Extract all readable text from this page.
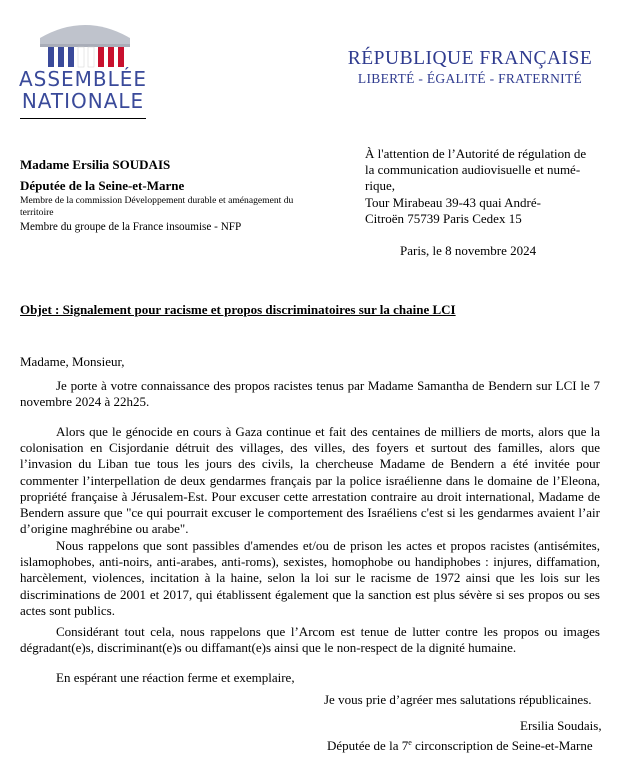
ASSEMBLÉE
NATIONALE
RÉPUBLIQUE FRANÇAISE
LIBERTÉ - ÉGALITÉ - FRATERNITÉ
Madame Ersilia SOUDAIS
Députée de la Seine-et-Marne
Membre de la commission Développement durable et aménagement du territoire
Membre du groupe de la France insoumise - NFP
À l'attention de l’Autorité de régulation de
la communication audiovisuelle et numé-
rique,
Tour Mirabeau 39-43 quai André-
Citroën 75739 Paris Cedex 15
Paris, le 8 novembre 2024
Objet : Signalement pour racisme et propos discriminatoires sur la chaine LCI
Madame, Monsieur,
Je porte à votre connaissance des propos racistes tenus par Madame Samantha de Bendern sur LCI le 7 novembre 2024 à 22h25.
Alors que le génocide en cours à Gaza continue et fait des centaines de milliers de morts, alors que la colonisation en Cisjordanie détruit des villages, des villes, des foyers et surtout des familles, alors que l’invasion du Liban tue tous les jours des civils, la chercheuse Madame de Bendern a été invitée pour commenter l’interpellation de deux gendarmes français par la police israélienne dans le domaine de l’Eleona, propriété française à Jérusalem-Est. Pour excuser cette arrestation contraire au droit international, Madame de Bendern assure que "ce qui pourrait excuser le comportement des Israéliens c'est si les gendarmes avaient l’air d’origine maghrébine ou arabe".
Nous rappelons que sont passibles d'amendes et/ou de prison les actes et propos racistes (antisémites, islamophobes, anti-noirs, anti-arabes, anti-roms), sexistes, homophobe ou handiphobes : injures, diffamation, harcèlement, violences, incitation à la haine, selon la loi sur le racisme de 1972 ainsi que les lois sur les discriminations de 2001 et 2017, qui établissent également que la sanction est plus sévère si ses propos ou ses actes sont publics.
Considérant tout cela, nous rappelons que l’Arcom est tenue de lutter contre les propos ou images dégradant(e)s, discriminant(e)s ou diffamant(e)s ainsi que le non-respect de la dignité humaine.
En espérant une réaction ferme et exemplaire,
Je vous prie d’agréer mes salutations républicaines.
Ersilia Soudais,
Députée de la 7e circonscription de Seine-et-Marne
